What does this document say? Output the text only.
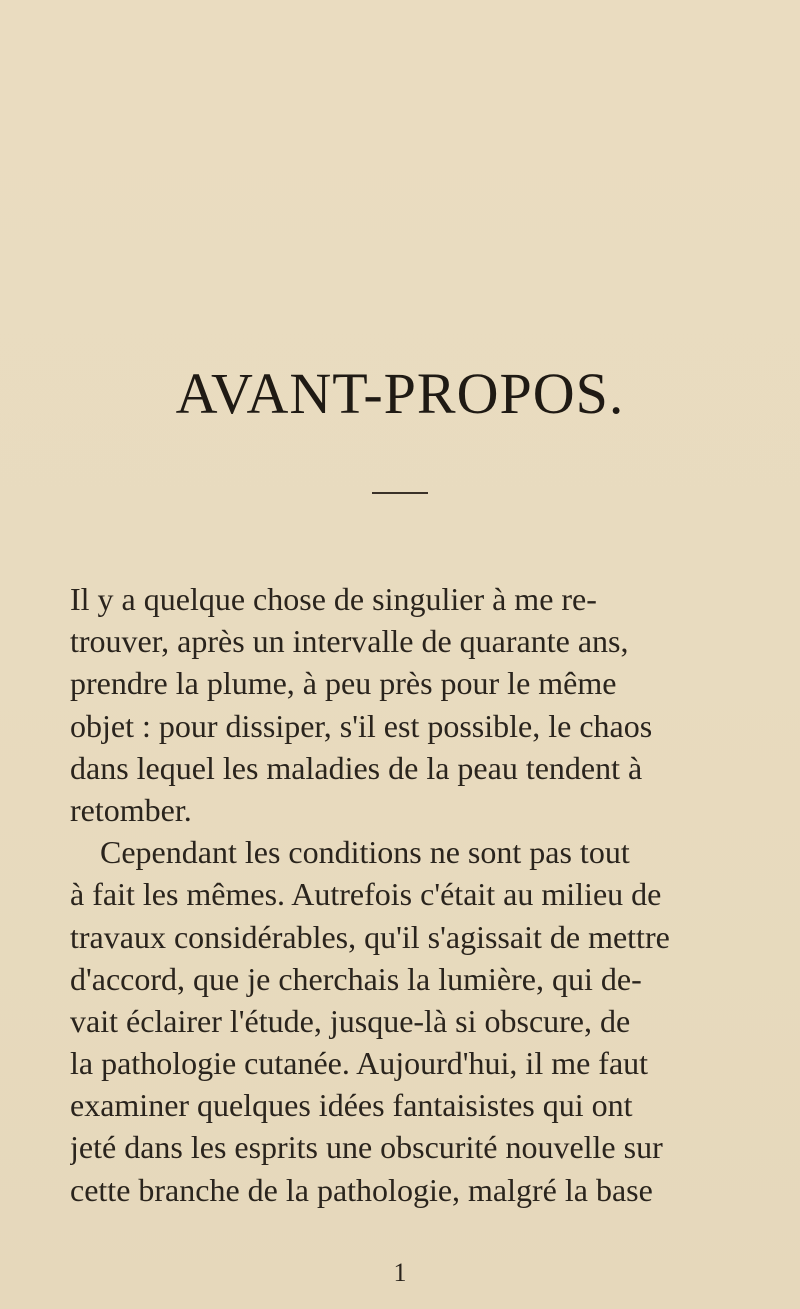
AVANT-PROPOS.
Il y a quelque chose de singulier à me re-
trouver, après un intervalle de quarante ans,
prendre la plume, à peu près pour le même
objet : pour dissiper, s'il est possible, le chaos
dans lequel les maladies de la peau tendent à
retomber.
Cependant les conditions ne sont pas tout
à fait les mêmes. Autrefois c'était au milieu de
travaux considérables, qu'il s'agissait de mettre
d'accord, que je cherchais la lumière, qui de-
vait éclairer l'étude, jusque-là si obscure, de
la pathologie cutanée. Aujourd'hui, il me faut
examiner quelques idées fantaisistes qui ont
jeté dans les esprits une obscurité nouvelle sur
cette branche de la pathologie, malgré la base
1
